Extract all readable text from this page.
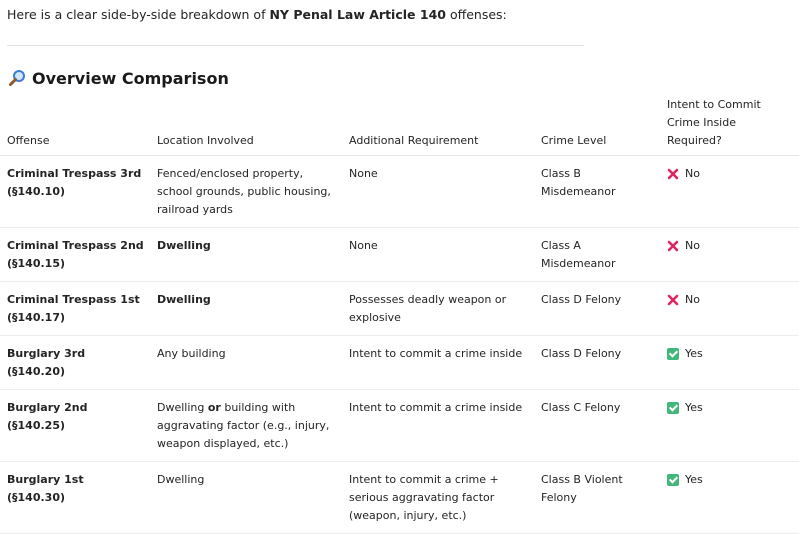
Here is a clear side-by-side breakdown of NY Penal Law Article 140 offenses:
Overview Comparison
Offense	Location Involved	Additional Requirement	Crime Level	Intent to Commit Crime Inside Required?
Criminal Trespass 3rd (§140.10)	Fenced/enclosed property, school grounds, public housing, railroad yards	None	Class B Misdemeanor	No

Criminal Trespass 2nd (§140.15)	Dwelling	None	Class A Misdemeanor	No

Criminal Trespass 1st (§140.17)	Dwelling	Possesses deadly weapon or explosive	Class D Felony	No

Burglary 3rd (§140.20)	Any building	Intent to commit a crime inside	Class D Felony	Yes

Burglary 2nd (§140.25)	Dwelling or building with aggravating factor (e.g., injury, weapon displayed, etc.)	Intent to commit a crime inside	Class C Felony	Yes

Burglary 1st (§140.30)	Dwelling	Intent to commit a crime + serious aggravating factor (weapon, injury, etc.)	Class B Violent Felony	Yes
